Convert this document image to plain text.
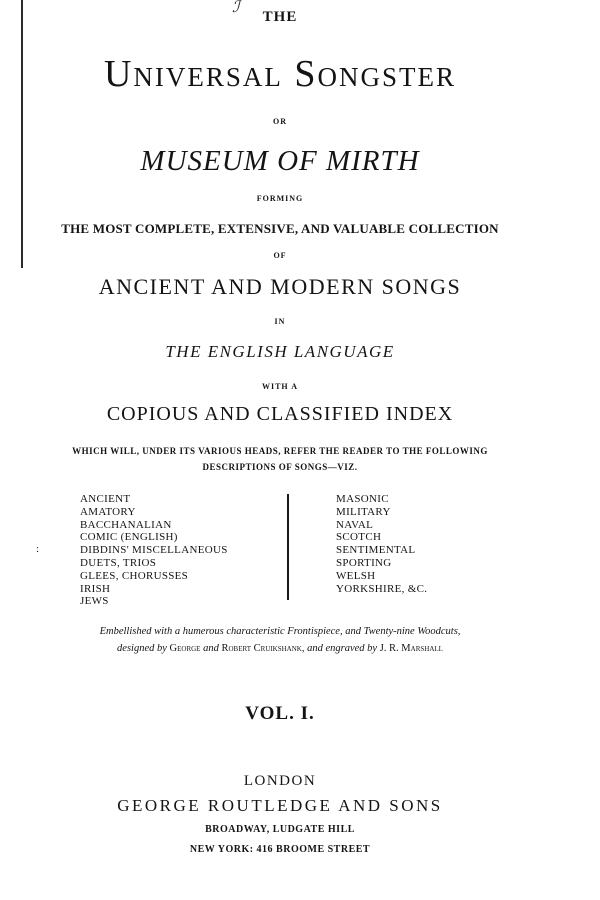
ℐ

THE

Universal Songster

OR

MUSEUM OF MIRTH

FORMING

THE MOST COMPLETE, EXTENSIVE, AND VALUABLE COLLECTION

OF

ANCIENT AND MODERN SONGS

IN

THE ENGLISH LANGUAGE

WITH A

COPIOUS AND CLASSIFIED INDEX

WHICH WILL, UNDER ITS VARIOUS HEADS, REFER THE READER TO THE FOLLOWING

DESCRIPTIONS OF SONGS—VIZ.

ANCIENT
AMATORY
BACCHANALIAN
COMIC (ENGLISH)
DIBDINS' MISCELLANEOUS
DUETS, TRIOS
GLEES, CHORUSSES
IRISH
JEWS
MASONIC
MILITARY
NAVAL
SCOTCH
SENTIMENTAL
SPORTING
WELSH
YORKSHIRE, &C.
:

Embellished with a humerous characteristic Frontispiece, and Twenty-nine Woodcuts,

designed by George and Robert Cruikshank, and engraved by J. R. Marshall

VOL. I.

LONDON

GEORGE ROUTLEDGE AND SONS

BROADWAY, LUDGATE HILL

NEW YORK: 416 BROOME STREET
